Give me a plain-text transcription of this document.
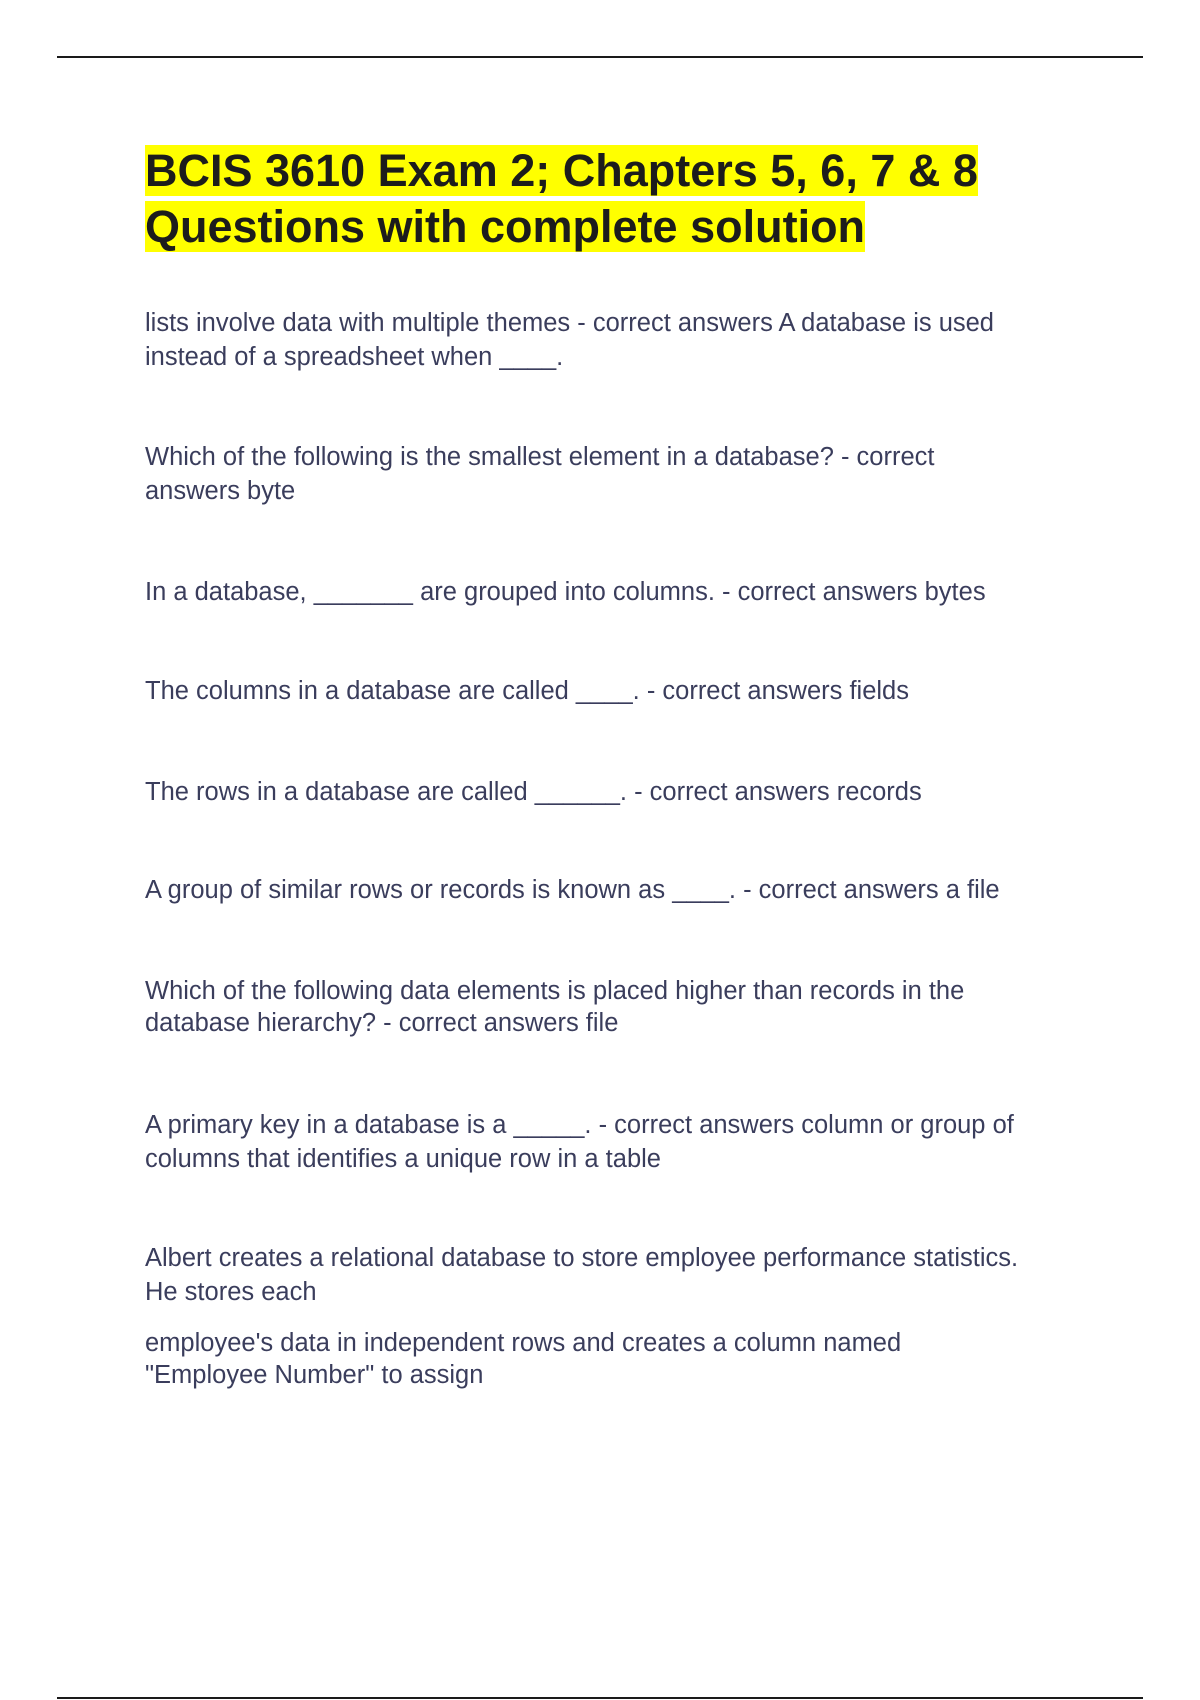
BCIS 3610 Exam 2; Chapters 5, 6, 7 & 8
Questions with complete solution

lists involve data with multiple themes - correct answers A database is used
instead of a spreadsheet when ____.

Which of the following is the smallest element in a database? - correct
answers byte

In a database, _______ are grouped into columns. - correct answers bytes

The columns in a database are called ____. - correct answers fields

The rows in a database are called ______. - correct answers records

A group of similar rows or records is known as ____. - correct answers a file

Which of the following data elements is placed higher than records in the
database hierarchy? - correct answers file

A primary key in a database is a _____. - correct answers column or group of
columns that identifies a unique row in a table

Albert creates a relational database to store employee performance statistics.
He stores each

employee's data in independent rows and creates a column named
"Employee Number" to assign
